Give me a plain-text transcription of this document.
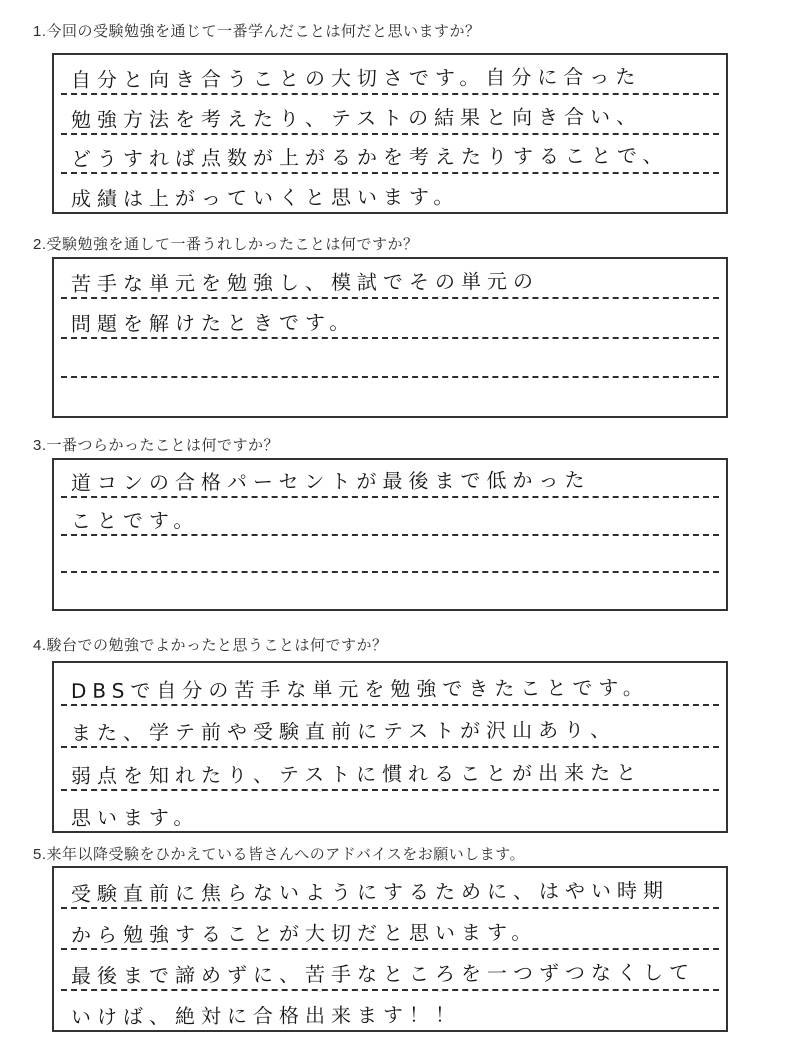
1.今回の受験勉強を通じて一番学んだことは何だと思いますか？
自分と向き合うことの大切さです。自分に合った
勉強方法を考えたり、テストの結果と向き合い、
どうすれば点数が上がるかを考えたりすることで、
成績は上がっていくと思います。
2.受験勉強を通して一番うれしかったことは何ですか？
苦手な単元を勉強し、模試でその単元の
問題を解けたときです。
3.一番つらかったことは何ですか？
道コンの合格パーセントが最後まで低かった
ことです。
4.駿台での勉強でよかったと思うことは何ですか？
DBSで自分の苦手な単元を勉強できたことです。
また、学テ前や受験直前にテストが沢山あり、
弱点を知れたり、テストに慣れることが出来たと
思います。
5.来年以降受験をひかえている皆さんへのアドバイスをお願いします。
受験直前に焦らないようにするために、はやい時期
から勉強することが大切だと思います。
最後まで諦めずに、苦手なところを一つずつなくして
いけば、絶対に合格出来ます！！
